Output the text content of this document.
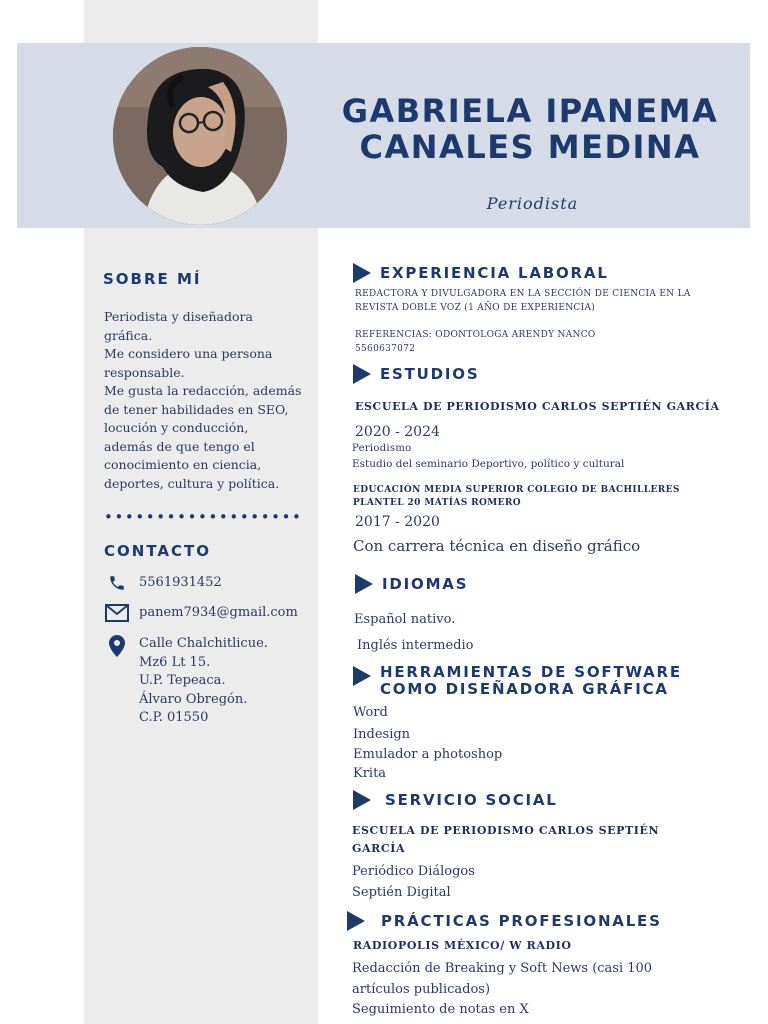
GABRIELA IPANEMA
CANALES MEDINA
Periodista
SOBRE MÍ

Periodista y diseñadora

gráfica.

Me considero una persona

responsable.

Me gusta la redacción, además

de tener habilidades en SEO,

locución y conducción,

además de que tengo el

conocimiento en ciencia,

deportes, cultura y política.

•••••••••••••••••••
CONTACTO
5561931452
panem7934@gmail.com
Calle Chalchitlicue.
Mz6 Lt 15.
U.P. Tepeaca.
Álvaro Obregón.
C.P. 01550
EXPERIENCIA LABORAL
REDACTORA Y DIVULGADORA EN LA SECCIÓN DE CIENCIA EN LA
REVISTA DOBLE VOZ (1 AÑO DE EXPERIENCIA)
REFERENCIAS: ODONTOLOGA ARENDY NANCO
5560637072
ESTUDIOS
ESCUELA DE PERIODISMO CARLOS SEPTIÉN GARCÍA
2020 - 2024
Periodismo
Estudio del seminario Deportivo, político y cultural
EDUCACIÓN MEDIA SUPERIOR COLEGIO DE BACHILLERES
PLANTEL 20 MATÍAS ROMERO
2017 - 2020
Con carrera técnica en diseño gráfico
IDIOMAS
Español nativo.
Inglés intermedio
HERRAMIENTAS DE SOFTWARE
COMO DISEÑADORA GRÁFICA
Word
Indesign
Emulador a photoshop
Krita
SERVICIO SOCIAL
ESCUELA DE PERIODISMO CARLOS SEPTIÉN
GARCÍA
Periódico Diálogos
Septién Digital
PRÁCTICAS PROFESIONALES
RADIOPOLIS MÉXICO/ W RADIO
Redacción de Breaking y Soft News (casi 100
artículos publicados)
Seguimiento de notas en X
